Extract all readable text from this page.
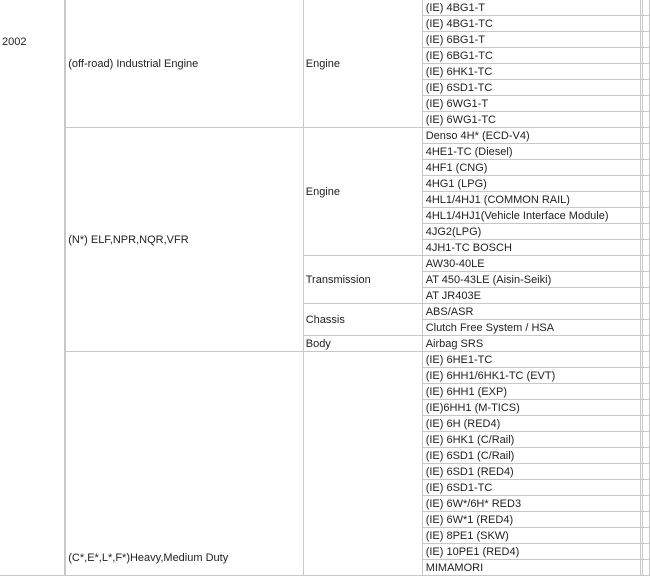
2002	(off-road) Industrial Engine	Engine	(IE) 4BG1-T		
			(IE) 4BG1-TC		
			(IE) 6BG1-T		
			(IE) 6BG1-TC		
			(IE) 6HK1-TC		
			(IE) 6SD1-TC		
			(IE) 6WG1-T		
			(IE) 6WG1-TC		
	(N*) ELF,NPR,NQR,VFR	Engine	Denso 4H* (ECD-V4)		
			4HE1-TC (Diesel)		
			4HF1 (CNG)		
			4HG1 (LPG)		
			4HL1/4HJ1 (COMMON RAIL)		
			4HL1/4HJ1(Vehicle Interface Module)		
			4JG2(LPG)		
			4JH1-TC BOSCH		
		Transmission	AW30-40LE		
			AT 450-43LE (Aisin-Seiki)		
			AT JR403E		
		Chassis	ABS/ASR		
			Clutch Free System / HSA		
		Body	Airbag SRS		
	(C*,E*,L*,F*)Heavy,Medium Duty		(IE) 6HE1-TC		
			(IE) 6HH1/6HK1-TC (EVT)		
			(IE) 6HH1 (EXP)		
			(IE)6HH1 (M-TICS)		
			(IE) 6H (RED4)		
			(IE) 6HK1 (C/Rail)		
			(IE) 6SD1 (C/Rail)		
			(IE) 6SD1 (RED4)		
			(IE) 6SD1-TC		
			(IE) 6W*/6H* RED3		
			(IE) 6W*1 (RED4)		
			(IE) 8PE1 (SKW)		
			(IE) 10PE1 (RED4)		
			MIMAMORI		
